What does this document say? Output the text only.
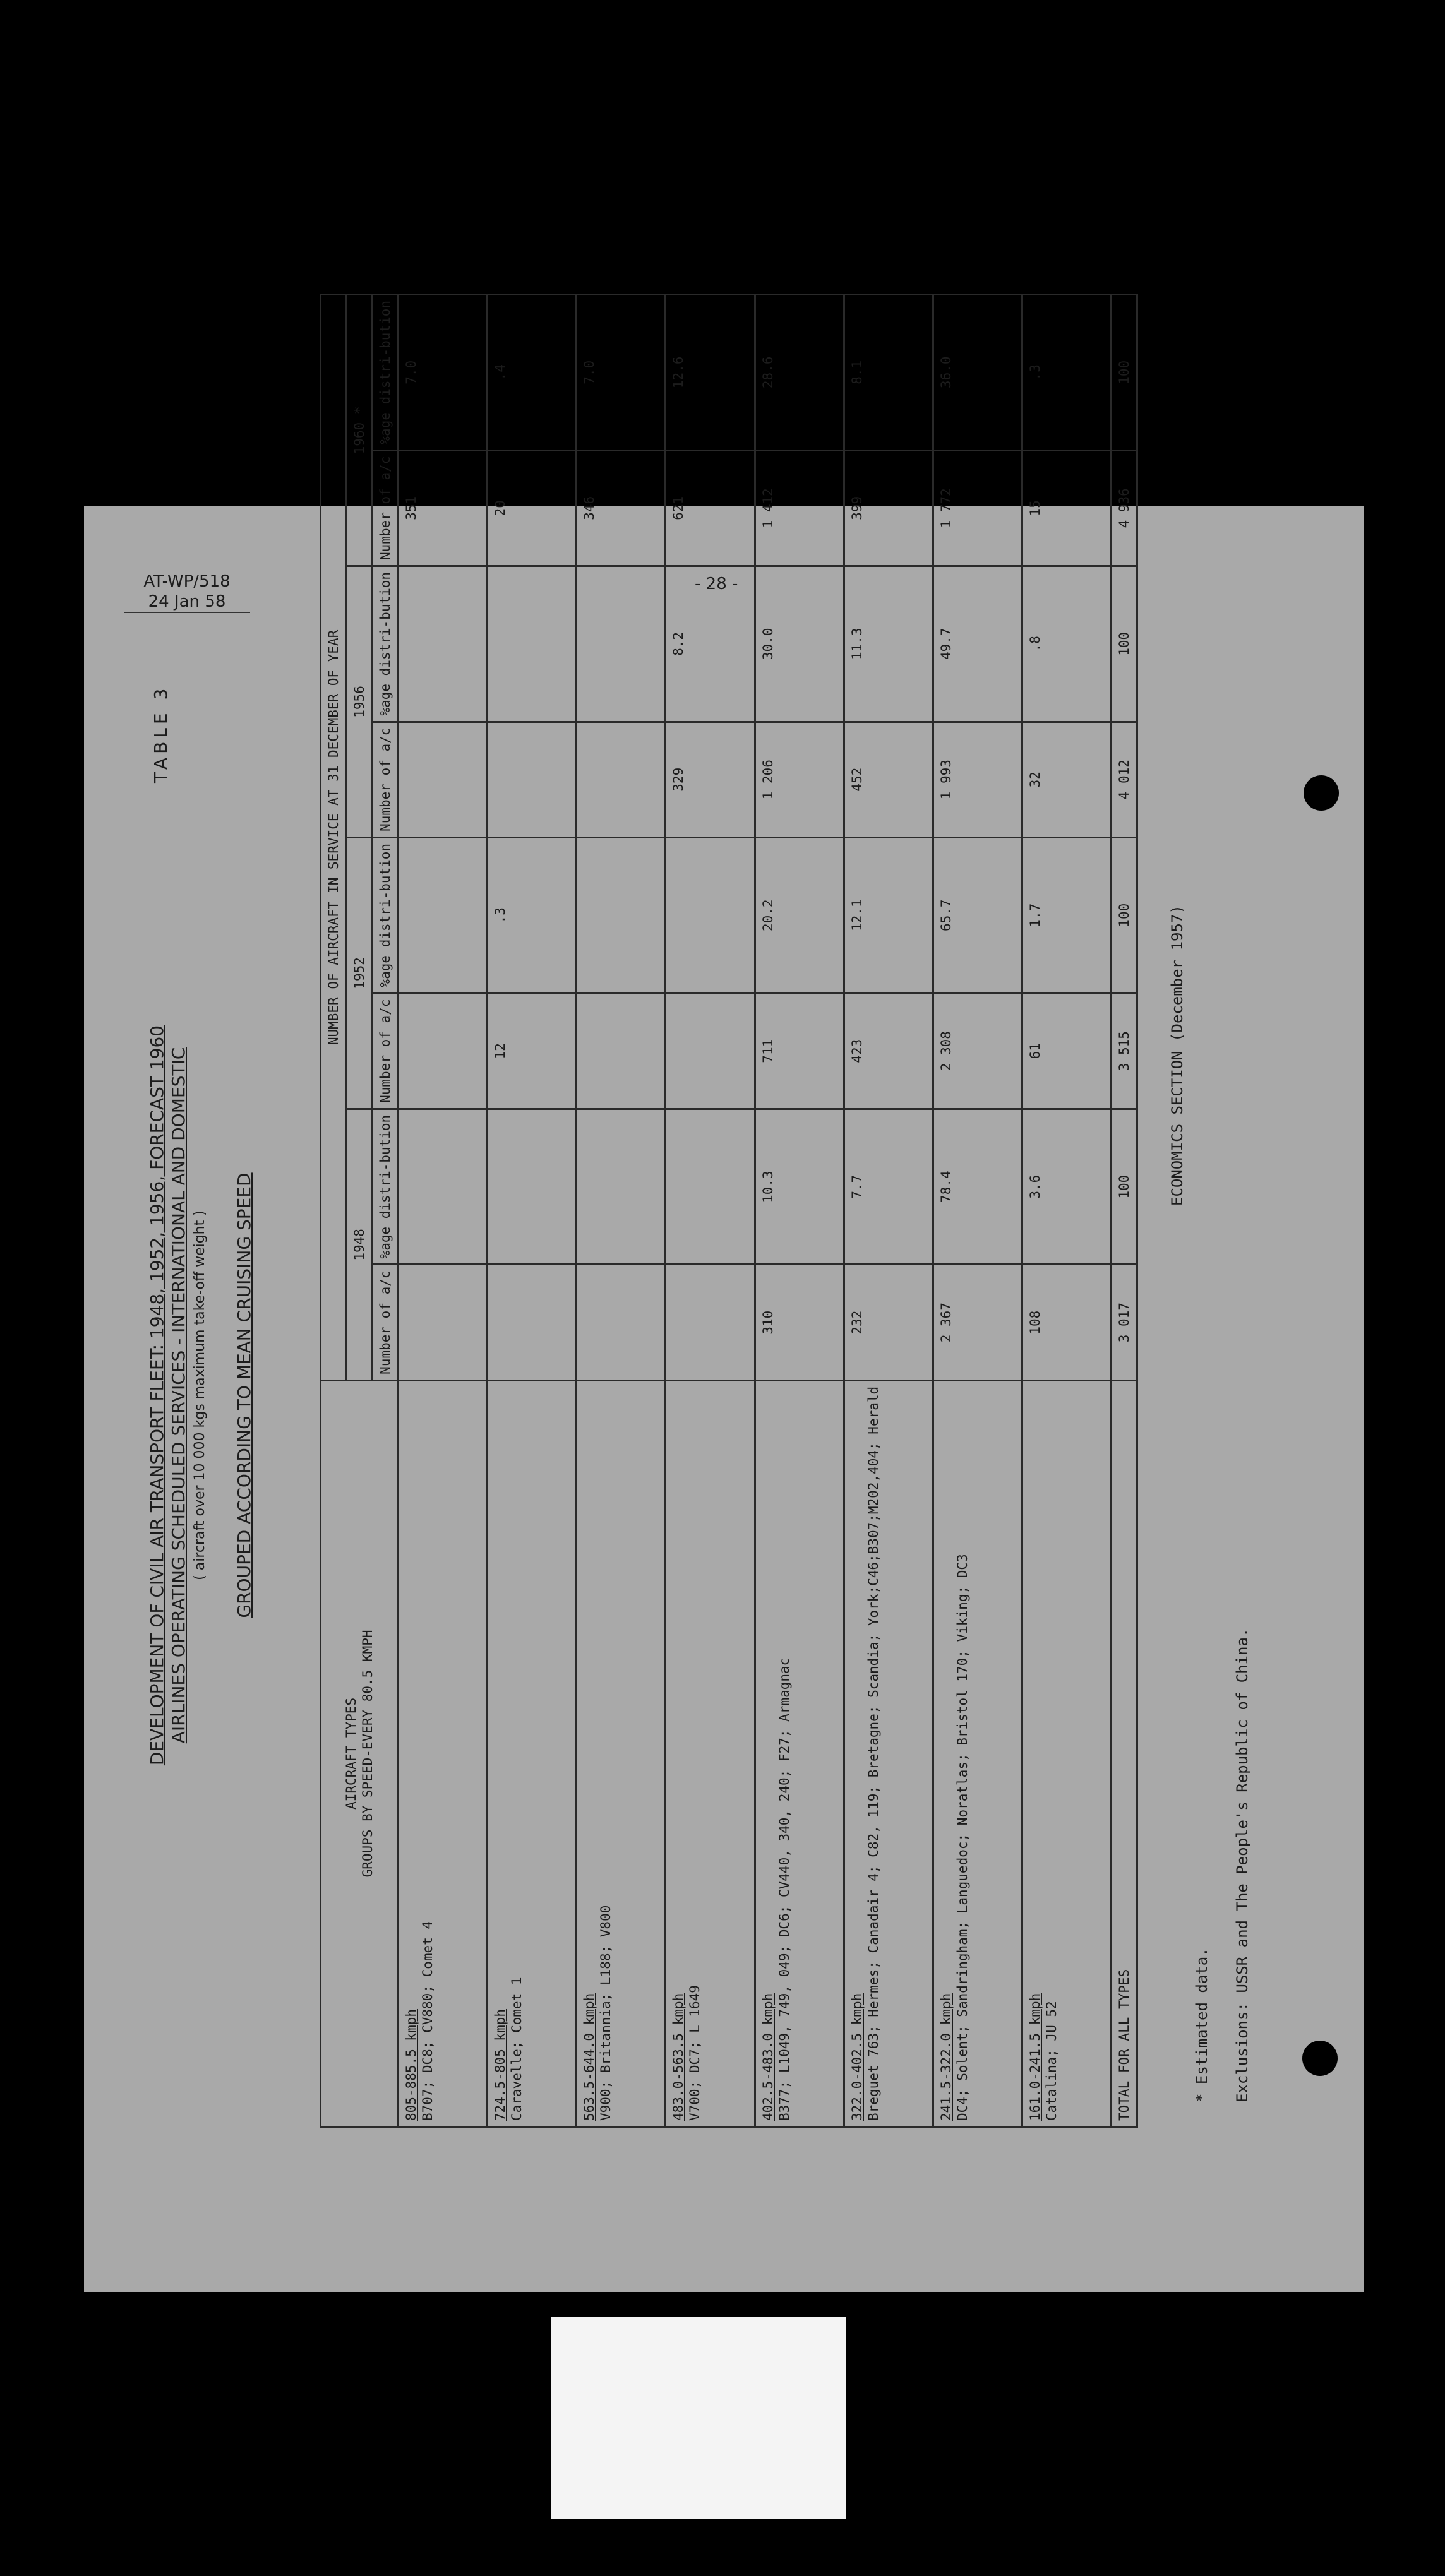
AT-WP/518
24 Jan 58
- 28 -
DEVELOPMENT OF CIVIL AIR TRANSPORT FLEET: 1948, 1952, 1956, FORECAST 1960 AIRLINES OPERATING SCHEDULED SERVICES - INTERNATIONAL AND DOMESTIC ( aircraft over 10 000 kgs maximum take-off weight ) GROUPED ACCORDING TO MEAN CRUISING SPEED
TABLE 3
AIRCRAFT TYPES GROUPS BY SPEED-EVERY 80.5 KMPH	NUMBER OF AIRCRAFT IN SERVICE AT 31 DECEMBER OF YEAR							
	1948		1952		1956		1960 *	
	Number of a/c	%age distri-bution	Number of a/c	%age distri-bution	Number of a/c	%age distri-bution	Number of a/c	%age distri-bution

805-885.5 kmph B707; DC8; CV880; Comet 4							351	7.0

724.5-805 kmph Caravelle; Comet 1			12	.3			20	.4

563.5-644.0 kmph V900; Britannia; L188; V800							346	7.0

483.0-563.5 kmph V700; DC7; L 1649					329	8.2	621	12.6

402.5-483.0 kmph B377; L1049, 749, 049; DC6; CV440, 340, 240; F27; Armagnac	310	10.3	711	20.2	1 206	30.0	1 412	28.6

322.0-402.5 kmph Breguet 763; Hermes; Canadair 4; C82, 119; Bretagne; Scandia; York;C46;B307;M202,404; Herald	232	7.7	423	12.1	452	11.3	399	8.1

241.5-322.0 kmph DC4; Solent; Sandringham; Languedoc; Noratlas; Bristol 170; Viking; DC3	2 367	78.4	2 308	65.7	1 993	49.7	1 772	36.0

161.0-241.5 kmph Catalina; JU 52	108	3.6	61	1.7	32	.8	15	.3
TOTAL FOR ALL TYPES	3 017	100	3 515	100	4 012	100	4 936	100
* Estimated data. Exclusions: USSR and The People's Republic of China.
ECONOMICS SECTION (December 1957)
